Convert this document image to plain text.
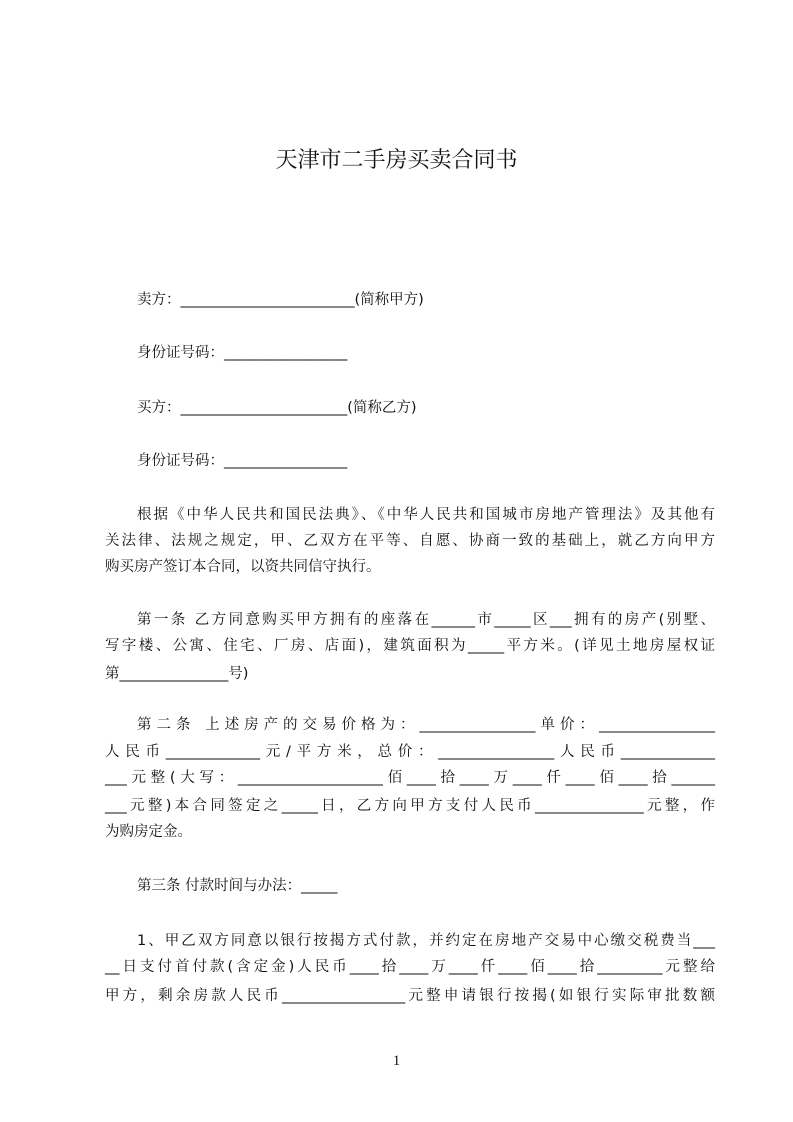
天津市二手房买卖合同书
卖方：________________________(简称甲方)
身份证号码：_________________
买方：_______________________(简称乙方)
身份证号码：_________________
根据《中华人民共和国民法典》、《中华人民共和国城市房地产管理法》及其他有
关法律、法规之规定，甲、乙双方在平等、自愿、协商一致的基础上，就乙方向甲方
购买房产签订本合同，以资共同信守执行。
第一条 乙方同意购买甲方拥有的座落在______市_____区___拥有的房产(别墅、
写字楼、公寓、住宅、厂房、店面)，建筑面积为_____平方米。(详见土地房屋权证
第_______________号)
第二条 上述房产的交易价格为：________________单价：________________
人民币_____________元/平方米，总价：________________人民币_____________
___元整(大写：____________________佰____拾____万____仟____佰____拾______
___元整)本合同签定之_____日，乙方向甲方支付人民币_______________元整，作
为购房定金。
第三条 付款时间与办法：_____
1、甲乙双方同意以银行按揭方式付款，并约定在房地产交易中心缴交税费当___
__日支付首付款(含定金)人民币____拾____万____仟____佰____拾_________元整给
甲方，剩余房款人民币_________________元整申请银行按揭(如银行实际审批数额
1
